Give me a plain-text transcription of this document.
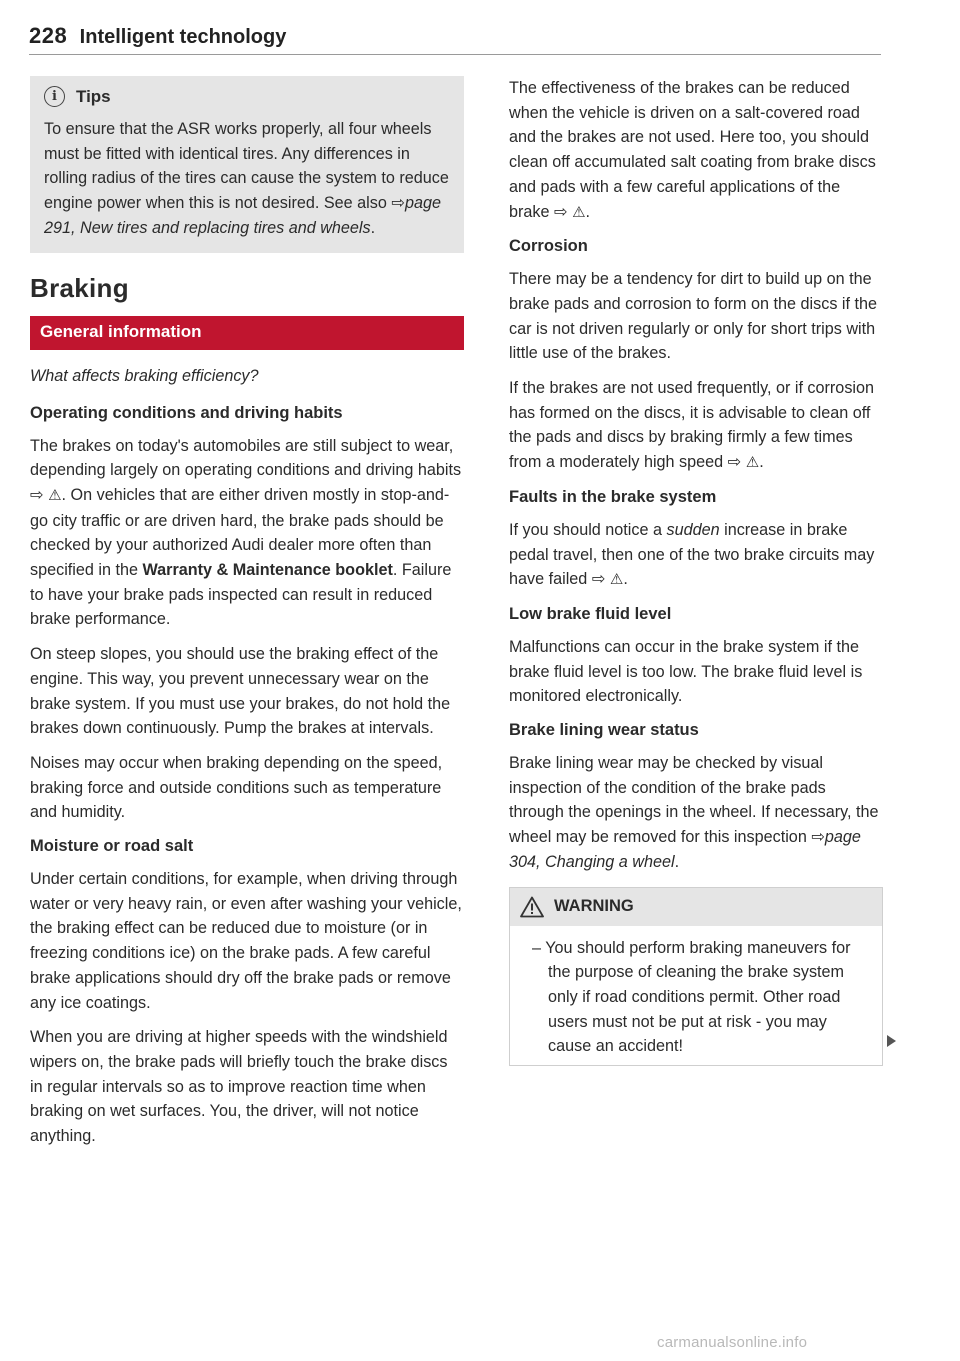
228 Intelligent technology
i	Tips

To ensure that the ASR works properly, all four wheels must be fitted with identical tires. Any differences in rolling radius of the tires can cause the system to reduce engine power when this is not desired. See also ⇨page 291, New tires and replacing tires and wheels.

Braking
General information
What affects braking efficiency?
Operating conditions and driving habits

The brakes on today's automobiles are still subject to wear, depending largely on operating conditions and driving habits ⇨ ⚠. On vehicles that are either driven mostly in stop-and-go city traffic or are driven hard, the brake pads should be checked by your authorized Audi dealer more often than specified in the Warranty & Maintenance booklet. Failure to have your brake pads inspected can result in reduced brake performance.

On steep slopes, you should use the braking effect of the engine. This way, you prevent unnecessary wear on the brake system. If you must use your brakes, do not hold the brakes down continuously. Pump the brakes at intervals.

Noises may occur when braking depending on the speed, braking force and outside conditions such as temperature and humidity.

Moisture or road salt

Under certain conditions, for example, when driving through water or very heavy rain, or even after washing your vehicle, the braking effect can be reduced due to moisture (or in freezing conditions ice) on the brake pads. A few careful brake applications should dry off the brake pads or remove any ice coatings.

When you are driving at higher speeds with the windshield wipers on, the brake pads will briefly touch the brake discs in regular intervals so as to improve reaction time when braking on wet surfaces. You, the driver, will not notice anything.

The effectiveness of the brakes can be reduced when the vehicle is driven on a salt-covered road and the brakes are not used. Here too, you should clean off accumulated salt coating from brake discs and pads with a few careful applications of the brake ⇨ ⚠.

Corrosion

There may be a tendency for dirt to build up on the brake pads and corrosion to form on the discs if the car is not driven regularly or only for short trips with little use of the brakes.

If the brakes are not used frequently, or if corrosion has formed on the discs, it is advisable to clean off the pads and discs by braking firmly a few times from a moderately high speed ⇨ ⚠.

Faults in the brake system

If you should notice a sudden increase in brake pedal travel, then one of the two brake circuits may have failed ⇨ ⚠.

Low brake fluid level

Malfunctions can occur in the brake system if the brake fluid level is too low. The brake fluid level is monitored electronically.

Brake lining wear status

Brake lining wear may be checked by visual inspection of the condition of the brake pads through the openings in the wheel. If necessary, the wheel may be removed for this inspection ⇨page 304, Changing a wheel.

WARNING
– You should perform braking maneuvers for the purpose of cleaning the brake system only if road conditions permit. Other road users must not be put at risk - you may cause an accident!
carmanualsonline.info
